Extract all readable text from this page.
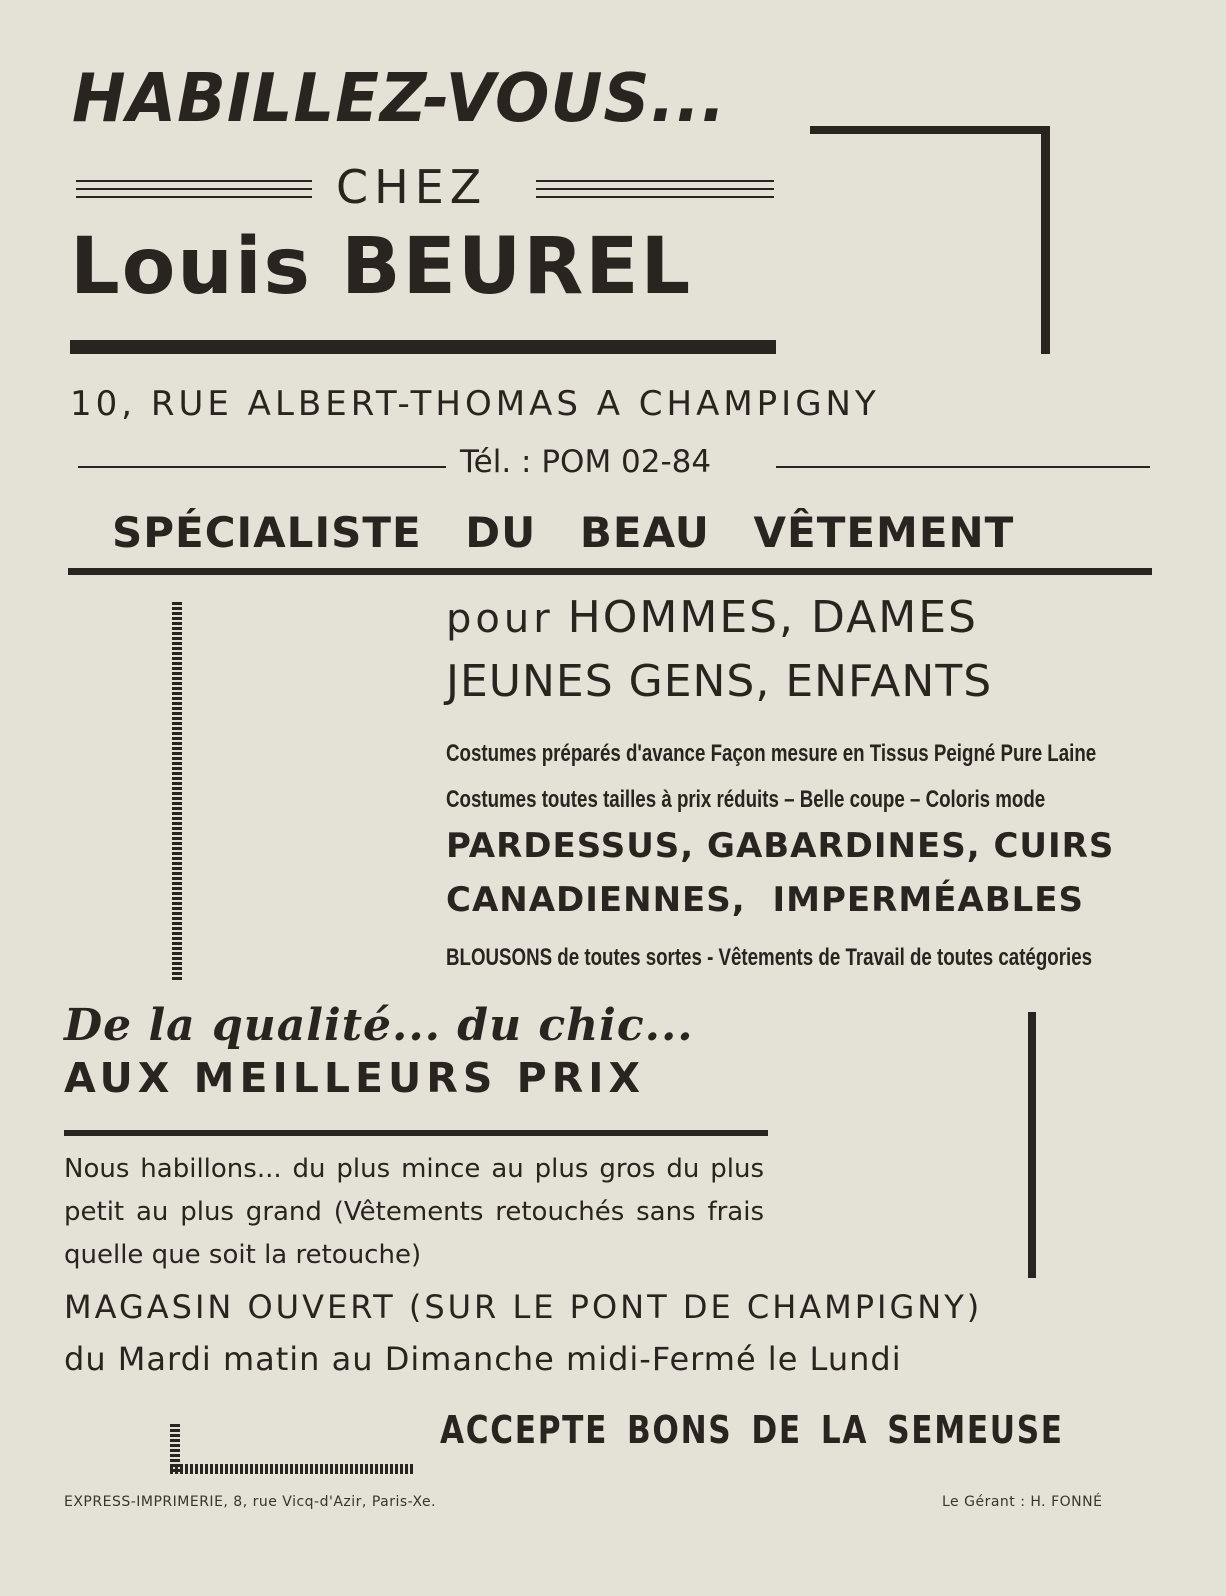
HABILLEZ-VOUS...
CHEZ
Louis BEUREL
10, RUE ALBERT-THOMAS A CHAMPIGNY
Tél. : POM 02-84
SPÉCIALISTE DU BEAU VÊTEMENT
pour HOMMES, DAMES
JEUNES GENS, ENFANTS
Costumes préparés d'avance Façon mesure en Tissus Peigné Pure Laine
Costumes toutes tailles à prix réduits – Belle coupe – Coloris mode
PARDESSUS, GABARDINES, CUIRS
CANADIENNES, IMPERMÉABLES
BLOUSONS de toutes sortes - Vêtements de Travail de toutes catégories
De la qualité... du chic...
AUX MEILLEURS PRIX
Nous habillons... du plus mince au plus gros du plus petit au plus grand (Vêtements retouchés sans frais quelle que soit la retouche)
MAGASIN OUVERT (SUR LE PONT DE CHAMPIGNY)
du Mardi matin au Dimanche midi-Fermé le Lundi
ACCEPTE BONS DE LA SEMEUSE
EXPRESS-IMPRIMERIE, 8, rue Vicq-d'Azir, Paris-Xe.	Le Gérant : H. FONNÉ
